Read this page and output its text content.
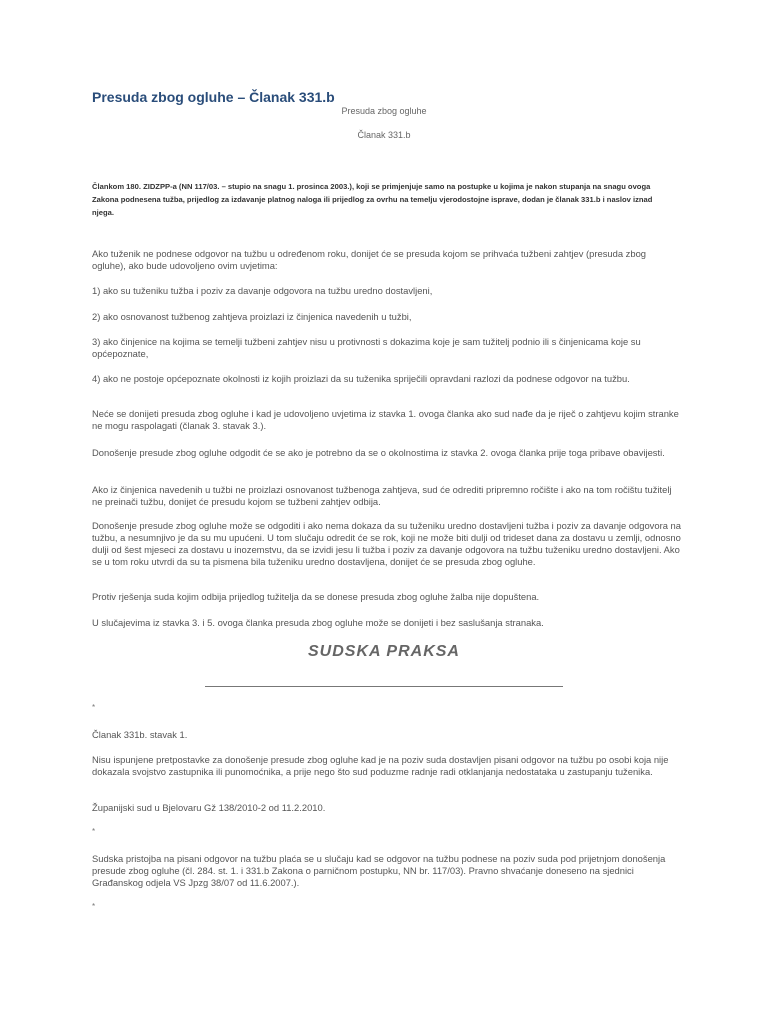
Presuda zbog ogluhe – Članak 331.b

Presuda zbog ogluhe

Članak 331.b

Člankom 180. ZIDZPP-a (NN 117/03. – stupio na snagu 1. prosinca 2003.), koji se primjenjuje samo na postupke u kojima je nakon stupanja na snagu ovoga Zakona podnesena tužba, prijedlog za izdavanje platnog naloga ili prijedlog za ovrhu na temelju vjerodostojne isprave, dodan je članak 331.b i naslov iznad njega.

Ako tuženik ne podnese odgovor na tužbu u određenom roku, donijet će se presuda kojom se prihvaća tužbeni zahtjev (presuda zbog ogluhe), ako bude udovoljeno ovim uvjetima:

1) ako su tuženiku tužba i poziv za davanje odgovora na tužbu uredno dostavljeni,

2) ako osnovanost tužbenog zahtjeva proizlazi iz činjenica navedenih u tužbi,

3) ako činjenice na kojima se temelji tužbeni zahtjev nisu u protivnosti s dokazima koje je sam tužitelj podnio ili s činjenicama koje su općepoznate,

4) ako ne postoje općepoznate okolnosti iz kojih proizlazi da su tuženika spriječili opravdani razlozi da podnese odgovor na tužbu.

Neće se donijeti presuda zbog ogluhe i kad je udovoljeno uvjetima iz stavka 1. ovoga članka ako sud nađe da je riječ o zahtjevu kojim stranke ne mogu raspolagati (članak 3. stavak 3.).

Donošenje presude zbog ogluhe odgodit će se ako je potrebno da se o okolnostima iz stavka 2. ovoga članka prije toga pribave obavijesti.

Ako iz činjenica navedenih u tužbi ne proizlazi osnovanost tužbenoga zahtjeva, sud će odrediti pripremno ročište i ako na tom ročištu tužitelj ne preinači tužbu, donijet će presudu kojom se tužbeni zahtjev odbija.

Donošenje presude zbog ogluhe može se odgoditi i ako nema dokaza da su tuženiku uredno dostavljeni tužba i poziv za davanje odgovora na tužbu, a nesumnjivo je da su mu upućeni. U tom slučaju odredit će se rok, koji ne može biti dulji od trideset dana za dostavu u zemlji, odnosno dulji od šest mjeseci za dostavu u inozemstvu, da se izvidi jesu li tužba i poziv za davanje odgovora na tužbu tuženiku uredno dostavljeni. Ako se u tom roku utvrdi da su ta pismena bila tuženiku uredno dostavljena, donijet će se presuda zbog ogluhe.

Protiv rješenja suda kojim odbija prijedlog tužitelja da se donese presuda zbog ogluhe žalba nije dopuštena.

U slučajevima iz stavka 3. i 5. ovoga članka presuda zbog ogluhe može se donijeti i bez saslušanja stranaka.

SUDSKA PRAKSA

*

Članak 331b. stavak 1.

Nisu ispunjene pretpostavke za donošenje presude zbog ogluhe kad je na poziv suda dostavljen pisani odgovor na tužbu po osobi koja nije dokazala svojstvo zastupnika ili punomoćnika, a prije nego što sud poduzme radnje radi otklanjanja nedostataka u zastupanju tuženika.

Županijski sud u Bjelovaru Gž 138/2010-2 od 11.2.2010.

*

Sudska pristojba na pisani odgovor na tužbu plaća se u slučaju kad se odgovor na tužbu podnese na poziv suda pod prijetnjom donošenja presude zbog ogluhe (čl. 284. st. 1. i 331.b Zakona o parničnom postupku, NN br. 117/03). Pravno shvaćanje doneseno na sjednici Građanskog odjela VS Jpzg 38/07 od 11.6.2007.).

*
